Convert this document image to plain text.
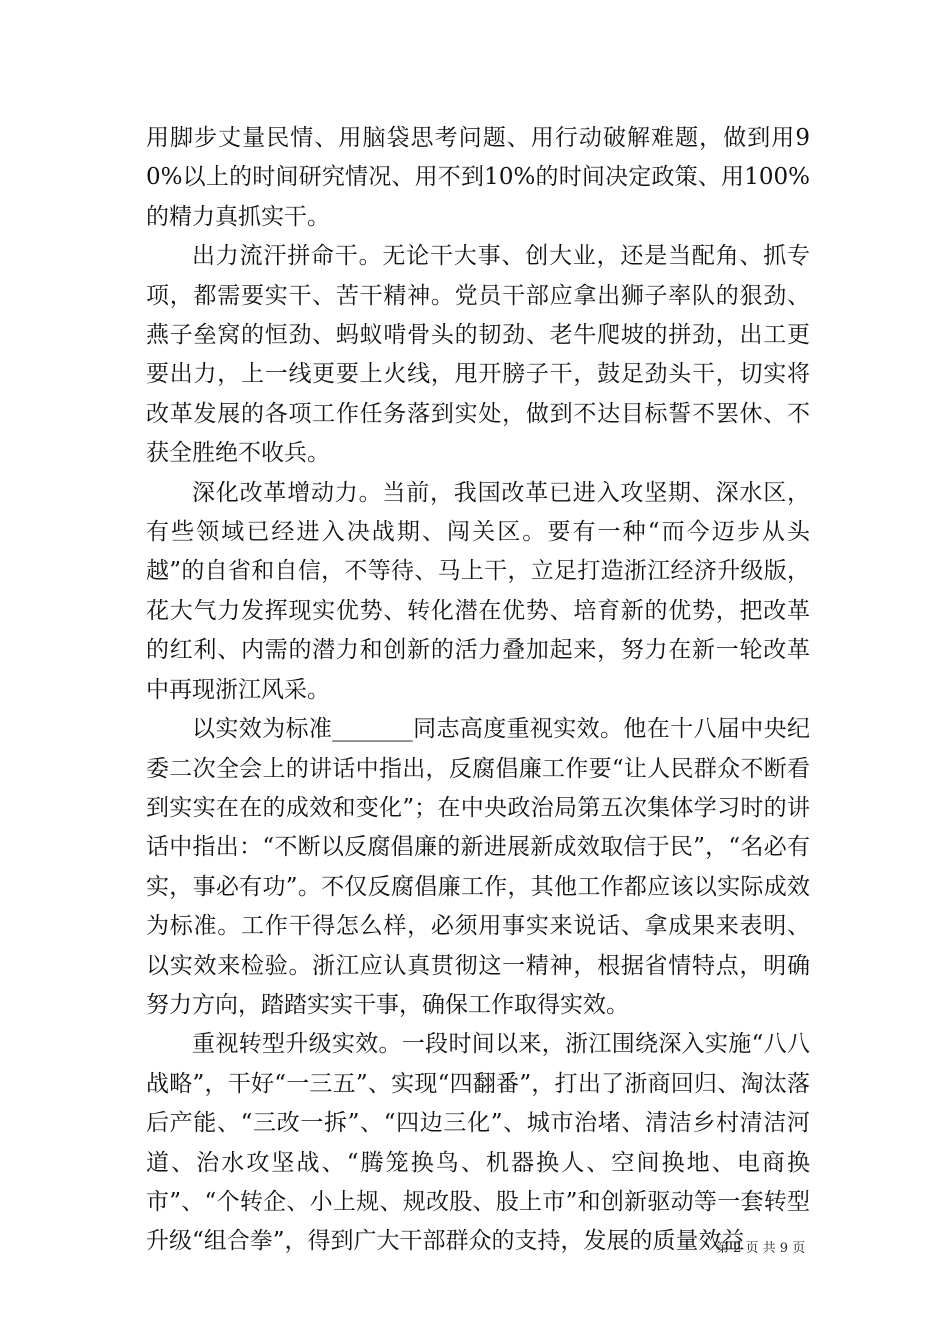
用脚步丈量民情、用脑袋思考问题、用行动破解难题，做到用90%以上的时间研究情况、用不到10%的时间决定政策、用100%的精力真抓实干。

出力流汗拼命干。无论干大事、创大业，还是当配角、抓专项，都需要实干、苦干精神。党员干部应拿出狮子率队的狠劲、燕子垒窝的恒劲、蚂蚁啃骨头的韧劲、老牛爬坡的拼劲，出工更要出力，上一线更要上火线，甩开膀子干，鼓足劲头干，切实将改革发展的各项工作任务落到实处，做到不达目标誓不罢休、不获全胜绝不收兵。

深化改革增动力。当前，我国改革已进入攻坚期、深水区，有些领域已经进入决战期、闯关区。要有一种“而今迈步从头越”的自省和自信，不等待、马上干，立足打造浙江经济升级版，花大气力发挥现实优势、转化潜在优势、培育新的优势，把改革的红利、内需的潜力和创新的活力叠加起来，努力在新一轮改革中再现浙江风采。

以实效为标准_______同志高度重视实效。他在十八届中央纪委二次全会上的讲话中指出，反腐倡廉工作要“让人民群众不断看到实实在在的成效和变化”；在中央政治局第五次集体学习时的讲话中指出：“不断以反腐倡廉的新进展新成效取信于民”，“名必有实，事必有功”。不仅反腐倡廉工作，其他工作都应该以实际成效为标准。工作干得怎么样，必须用事实来说话、拿成果来表明、以实效来检验。浙江应认真贯彻这一精神，根据省情特点，明确努力方向，踏踏实实干事，确保工作取得实效。

重视转型升级实效。一段时间以来，浙江围绕深入实施“八八战略”，干好“一三五”、实现“四翻番”，打出了浙商回归、淘汰落后产能、“三改一拆”、“四边三化”、城市治堵、清洁乡村清洁河道、治水攻坚战、“腾笼换鸟、机器换人、空间换地、电商换市”、“个转企、小上规、规改股、股上市”和创新驱动等一套转型升级“组合拳”，得到广大干部群众的支持，发展的质量效益

第 2 页 共 9 页
